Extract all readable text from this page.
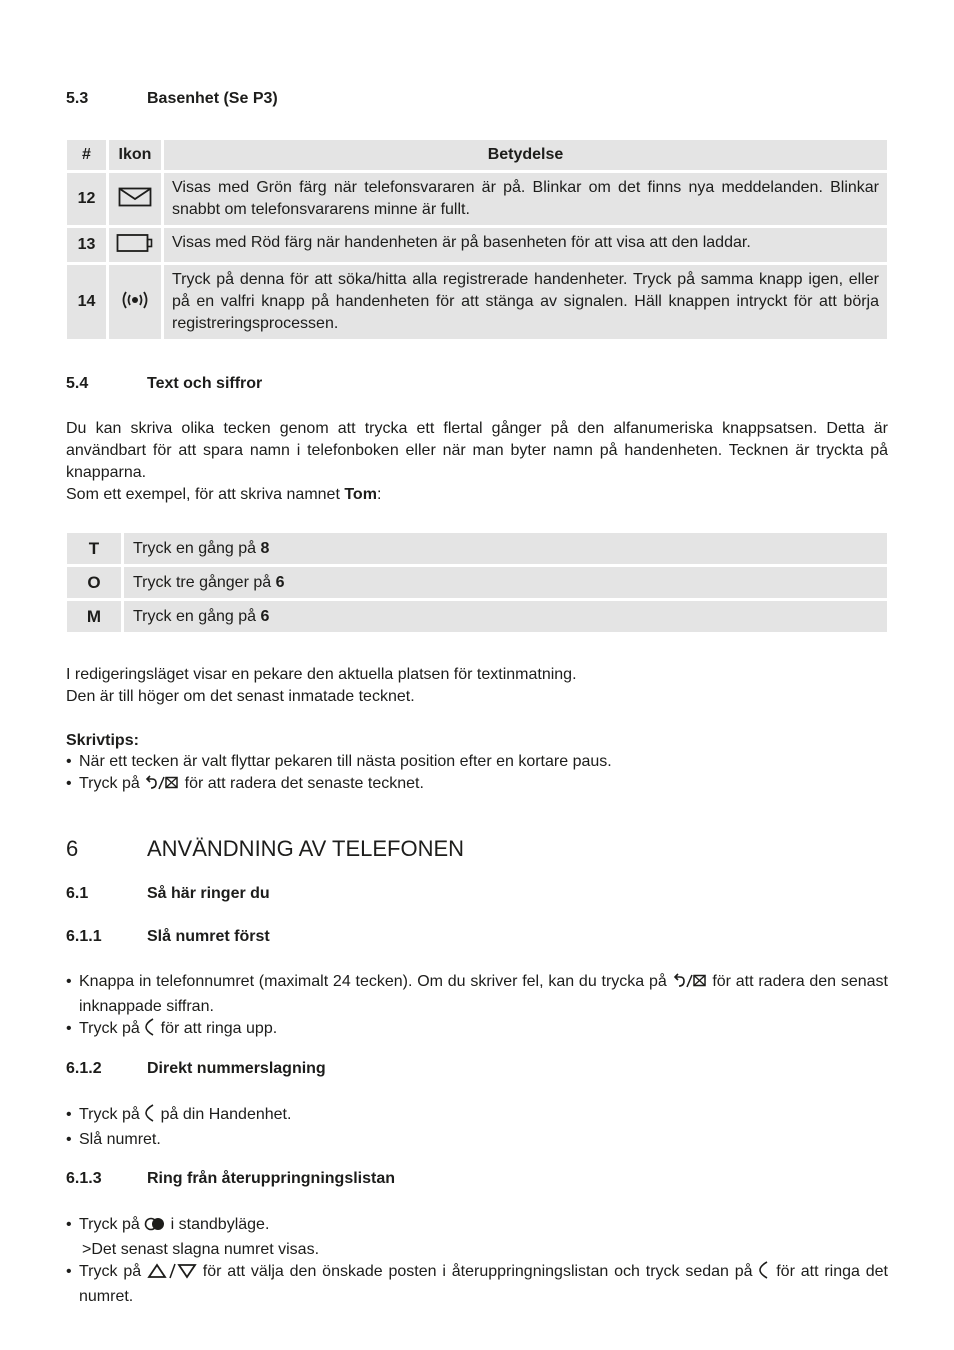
5.3	Basenhet (Se P3)
#	Ikon	Betydelse
12		Visas med Grön färg när telefonsvararen är på. Blinkar om det finns nya meddelanden. Blinkar snabbt om telefonsvararens minne är fullt.
13		Visas med Röd färg när handenheten är på basenheten för att visa att den laddar.
14		Tryck på denna för att söka/hitta alla registrerade handenheter. Tryck på samma knapp igen, eller på en valfri knapp på handenheten för att stänga av signalen. Häll knappen intryckt för att börja registreringsprocessen.
5.4	Text och siffror
Du kan skriva olika tecken genom att trycka ett flertal gånger på den alfanumeriska knappsatsen. Detta är användbart för att spara namn i telefonboken eller när man byter namn på handenheten. Tecknen är tryckta på knapparna.
Som ett exempel, för att skriva namnet Tom:
T	Tryck en gång på 8
O	Tryck tre gånger på 6
M	Tryck en gång på 6
I redigeringsläget visar en pekare den aktuella platsen för textinmatning.
Den är till höger om det senast inmatade tecknet.
Skrivtips:
• När ett tecken är valt flyttar pekaren till nästa position efter en kortare paus.
• Tryck på  för att radera det senaste tecknet.
6	ANVÄNDNING AV TELEFONEN
6.1	Så här ringer du
6.1.1	Slå numret först
• Knappa in telefonnumret (maximalt 24 tecken). Om du skriver fel, kan du trycka på  för att radera den senast inknappade siffran.
• Tryck på  för att ringa upp.
6.1.2	Direkt nummerslagning
• Tryck på  på din Handenhet.
• Slå numret.
6.1.3	Ring från återuppringningslistan
• Tryck på  i standbyläge.
>Det senast slagna numret visas.
• Tryck på	för att välja den önskade posten i återuppringningslistan och tryck sedan på  för att ringa det numret.
